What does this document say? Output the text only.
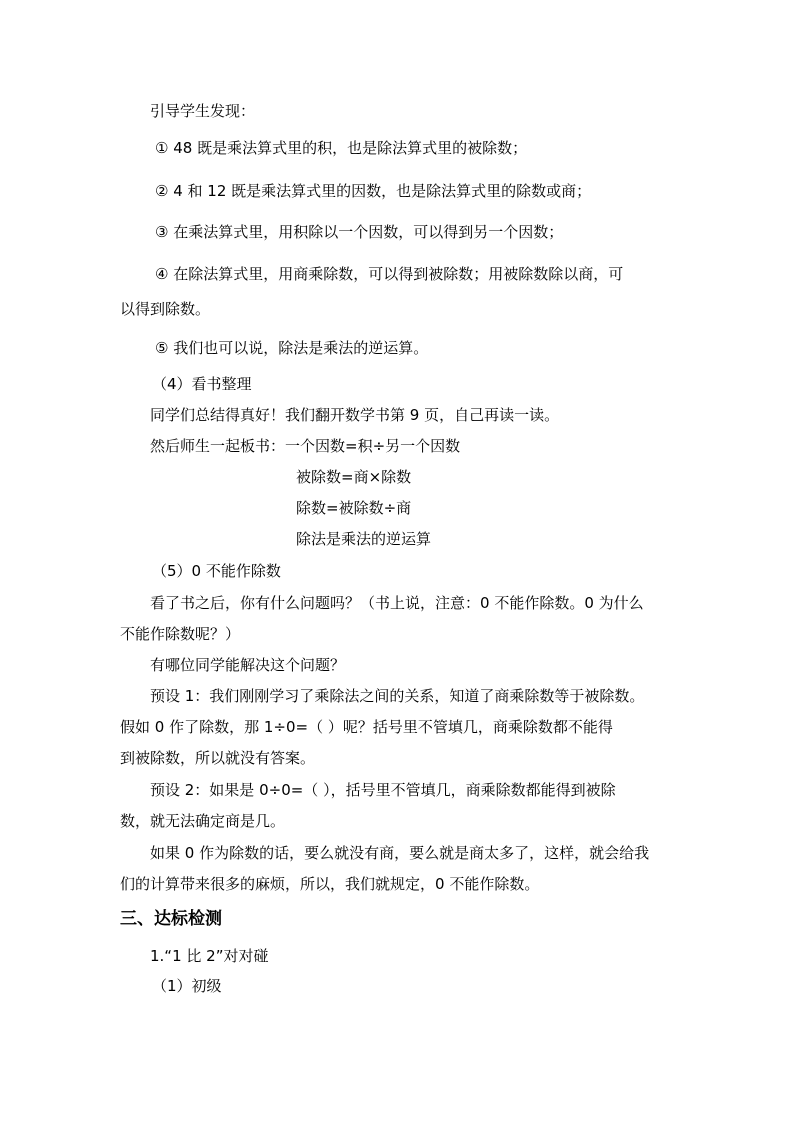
引导学生发现：
① 48 既是乘法算式里的积，也是除法算式里的被除数；
② 4 和 12 既是乘法算式里的因数，也是除法算式里的除数或商；
③ 在乘法算式里，用积除以一个因数，可以得到另一个因数；
④ 在除法算式里，用商乘除数，可以得到被除数；用被除数除以商，可
以得到除数。
⑤ 我们也可以说，除法是乘法的逆运算。
（4）看书整理
同学们总结得真好！我们翻开数学书第 9 页，自己再读一读。
然后师生一起板书：一个因数=积÷另一个因数
被除数=商×除数
除数=被除数÷商
除法是乘法的逆运算
（5）0 不能作除数
看了书之后，你有什么问题吗？（书上说，注意：0 不能作除数。0 为什么
不能作除数呢？）
有哪位同学能解决这个问题？
预设 1：我们刚刚学习了乘除法之间的关系，知道了商乘除数等于被除数。
假如 0 作了除数，那 1÷0=（ ）呢？括号里不管填几，商乘除数都不能得
到被除数，所以就没有答案。
预设 2：如果是 0÷0=（ ），括号里不管填几，商乘除数都能得到被除
数，就无法确定商是几。
如果 0 作为除数的话，要么就没有商，要么就是商太多了，这样，就会给我
们的计算带来很多的麻烦，所以，我们就规定，0 不能作除数。
三、达标检测
1.“1 比 2”对对碰
（1）初级
